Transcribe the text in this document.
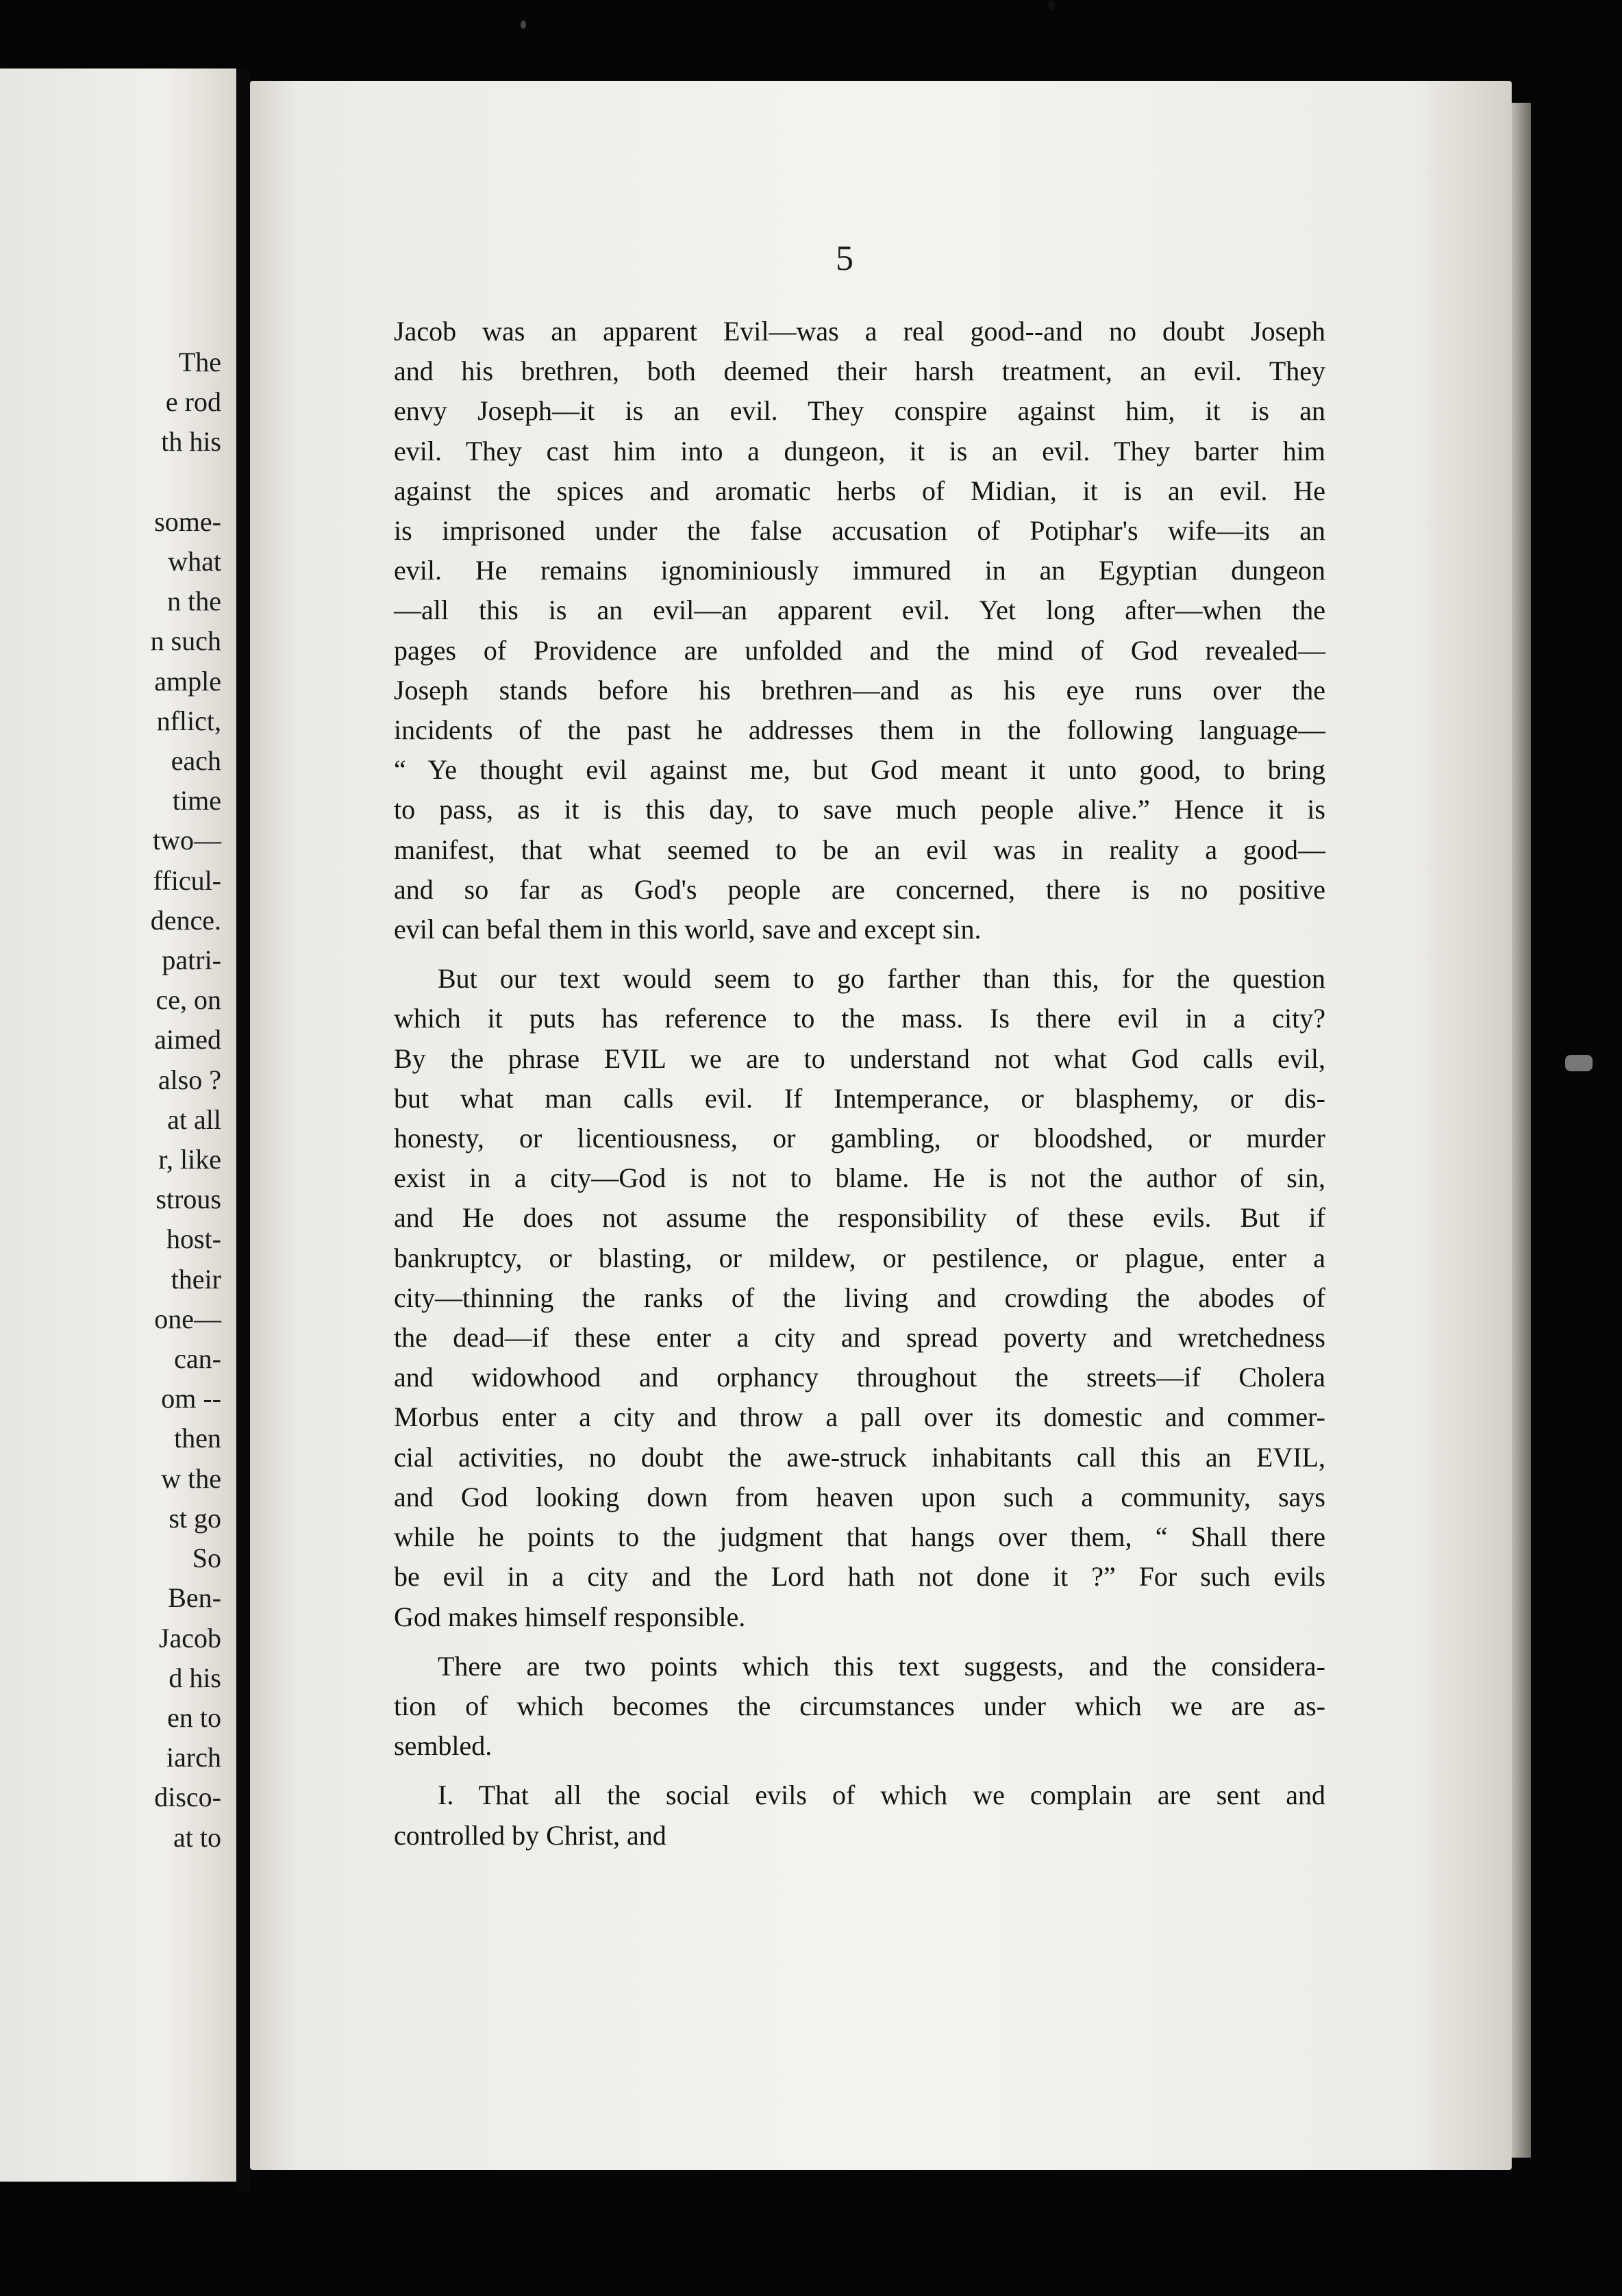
The
e rod
th his
some-
what
n the
n such
ample
nflict,
each
time
two—
fficul-
dence.
patri-
ce, on
aimed
also ?
at all
r, like
strous
host-
their
one—
can-
om --
then
w the
st go
So
Ben-
Jacob
d his
en to
iarch
disco-
at to
5
Jacob was an apparent Evil—was a real good--and no doubt Joseph
and his brethren, both deemed their harsh treatment, an evil. They
envy Joseph—it is an evil. They conspire against him, it is an
evil. They cast him into a dungeon, it is an evil. They barter him
against the spices and aromatic herbs of Midian, it is an evil. He
is imprisoned under the false accusation of Potiphar's wife—its an
evil. He remains ignominiously immured in an Egyptian dungeon
—all this is an evil—an apparent evil. Yet long after—when the
pages of Providence are unfolded and the mind of God revealed—
Joseph stands before his brethren—and as his eye runs over the
incidents of the past he addresses them in the following language—
“ Ye thought evil against me, but God meant it unto good, to bring
to pass, as it is this day, to save much people alive.” Hence it is
manifest, that what seemed to be an evil was in reality a good—
and so far as God's people are concerned, there is no positive
evil can befal them in this world, save and except sin.
But our text would seem to go farther than this, for the question
which it puts has reference to the mass. Is there evil in a city?
By the phrase EVIL we are to understand not what God calls evil,
but what man calls evil. If Intemperance, or blasphemy, or dis-
honesty, or licentiousness, or gambling, or bloodshed, or murder
exist in a city—God is not to blame. He is not the author of sin,
and He does not assume the responsibility of these evils. But if
bankruptcy, or blasting, or mildew, or pestilence, or plague, enter a
city—thinning the ranks of the living and crowding the abodes of
the dead—if these enter a city and spread poverty and wretchedness
and widowhood and orphancy throughout the streets—if Cholera
Morbus enter a city and throw a pall over its domestic and commer-
cial activities, no doubt the awe-struck inhabitants call this an EVIL,
and God looking down from heaven upon such a community, says
while he points to the judgment that hangs over them, “ Shall there
be evil in a city and the Lord hath not done it ?” For such evils
God makes himself responsible.
There are two points which this text suggests, and the considera-
tion of which becomes the circumstances under which we are as-
sembled.
I. That all the social evils of which we complain are sent and
controlled by Christ, and
